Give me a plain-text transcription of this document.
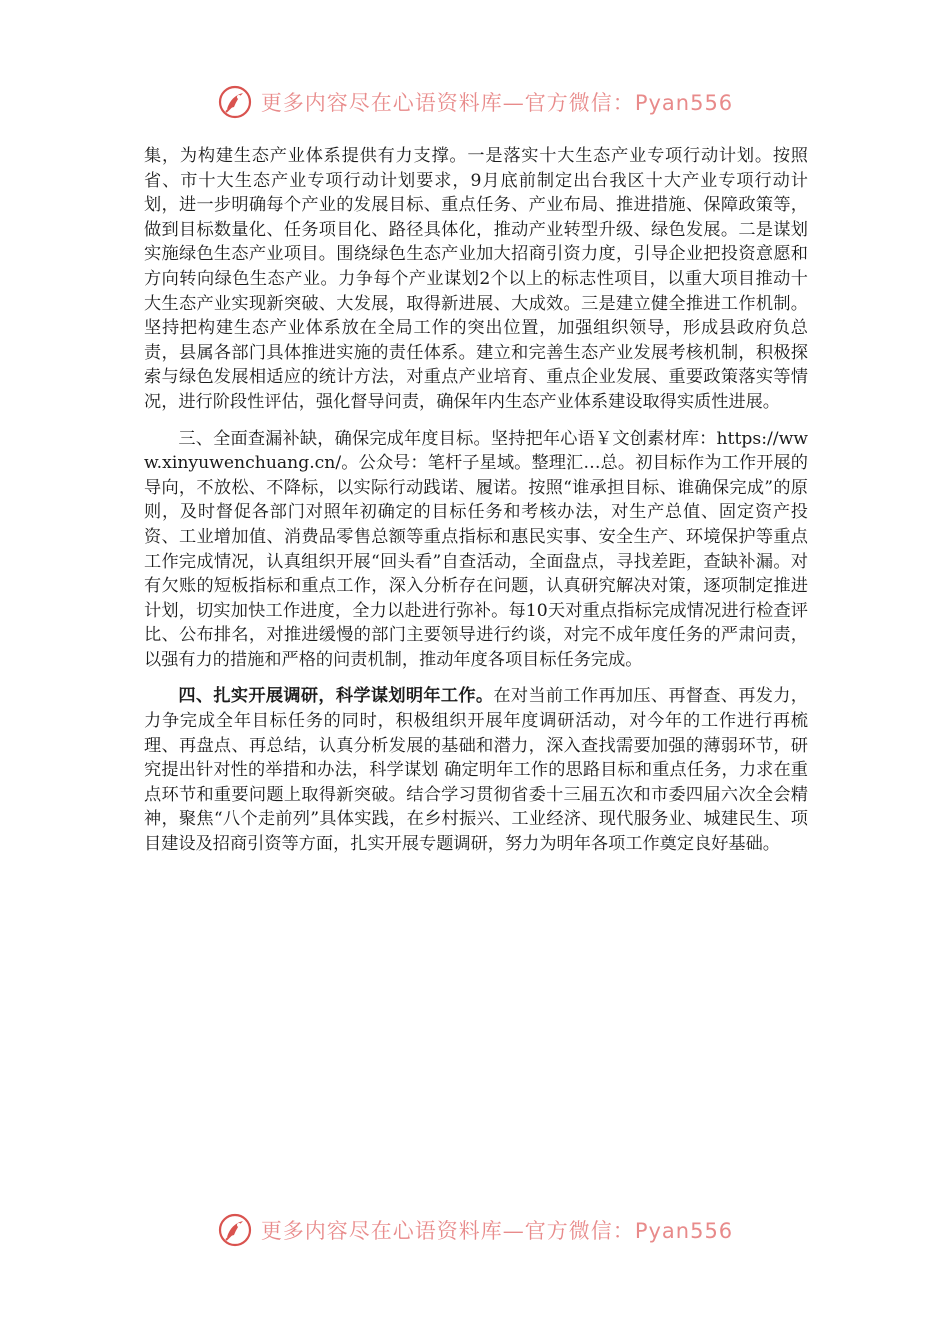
更多内容尽在心语资料库—官方微信：Pyan556

集，为构建生态产业体系提供有力支撑。一是落实十大生态产业专项行动计划。按照省、市十大生态产业专项行动计划要求，9月底前制定出台我区十大产业专项行动计划，进一步明确每个产业的发展目标、重点任务、产业布局、推进措施、保障政策等，做到目标数量化、任务项目化、路径具体化，推动产业转型升级、绿色发展。二是谋划实施绿色生态产业项目。围绕绿色生态产业加大招商引资力度，引导企业把投资意愿和方向转向绿色生态产业。力争每个产业谋划2个以上的标志性项目，以重大项目推动十大生态产业实现新突破、大发展，取得新进展、大成效。三是建立健全推进工作机制。坚持把构建生态产业体系放在全局工作的突出位置，加强组织领导，形成县政府负总责，县属各部门具体推进实施的责任体系。建立和完善生态产业发展考核机制，积极探索与绿色发展相适应的统计方法，对重点产业培育、重点企业发展、重要政策落实等情况，进行阶段性评估，强化督导问责，确保年内生态产业体系建设取得实质性进展。

三、全面查漏补缺，确保完成年度目标。坚持把年心语￥文创素材库：https://www.xinyuwenchuang.cn/。公众号：笔杆子星域。整理汇…总。初目标作为工作开展的导向，不放松、不降标，以实际行动践诺、履诺。按照“谁承担目标、谁确保完成”的原则，及时督促各部门对照年初确定的目标任务和考核办法，对生产总值、固定资产投资、工业增加值、消费品零售总额等重点指标和惠民实事、安全生产、环境保护等重点工作完成情况，认真组织开展“回头看”自查活动，全面盘点，寻找差距，查缺补漏。对有欠账的短板指标和重点工作，深入分析存在问题，认真研究解决对策，逐项制定推进计划，切实加快工作进度，全力以赴进行弥补。每10天对重点指标完成情况进行检查评比、公布排名，对推进缓慢的部门主要领导进行约谈，对完不成年度任务的严肃问责，以强有力的措施和严格的问责机制，推动年度各项目标任务完成。

四、扎实开展调研，科学谋划明年工作。在对当前工作再加压、再督查、再发力，力争完成全年目标任务的同时，积极组织开展年度调研活动，对今年的工作进行再梳理、再盘点、再总结，认真分析发展的基础和潜力，深入查找需要加强的薄弱环节，研究提出针对性的举措和办法，科学谋划 确定明年工作的思路目标和重点任务，力求在重点环节和重要问题上取得新突破。结合学习贯彻省委十三届五次和市委四届六次全会精神，聚焦“八个走前列”具体实践，在乡村振兴、工业经济、现代服务业、城建民生、项目建设及招商引资等方面，扎实开展专题调研，努力为明年各项工作奠定良好基础。

更多内容尽在心语资料库—官方微信：Pyan556
